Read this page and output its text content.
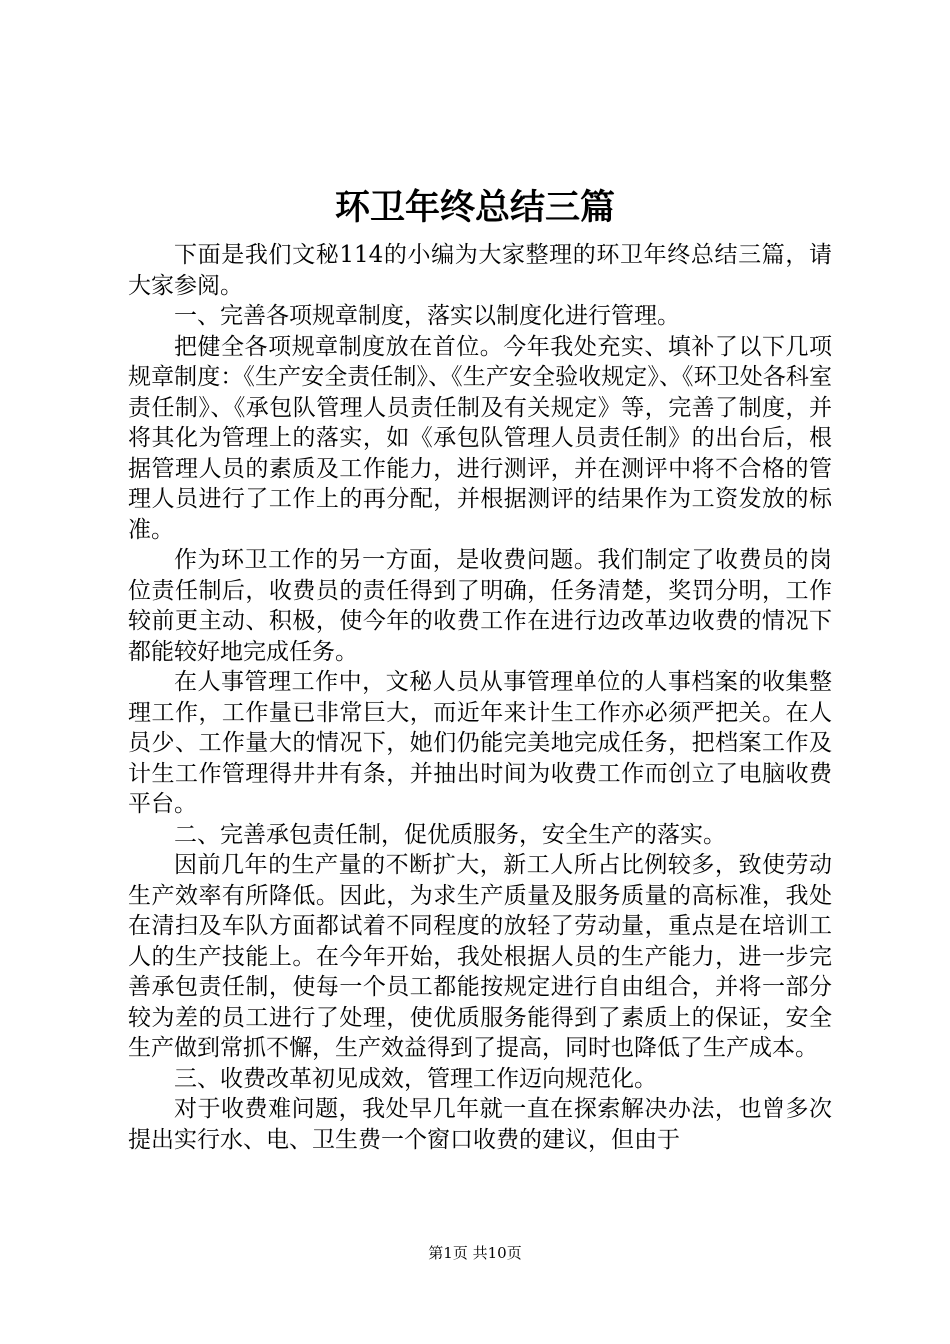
环卫年终总结三篇

下面是我们文秘114的小编为大家整理的环卫年终总结三篇，请大家参阅。

一、完善各项规章制度，落实以制度化进行管理。

把健全各项规章制度放在首位。今年我处充实、填补了以下几项规章制度：《生产安全责任制》、《生产安全验收规定》、《环卫处各科室责任制》、《承包队管理人员责任制及有关规定》等，完善了制度，并将其化为管理上的落实，如《承包队管理人员责任制》的出台后，根据管理人员的素质及工作能力，进行测评，并在测评中将不合格的管理人员进行了工作上的再分配，并根据测评的结果作为工资发放的标准。

作为环卫工作的另一方面，是收费问题。我们制定了收费员的岗位责任制后，收费员的责任得到了明确，任务清楚，奖罚分明，工作较前更主动、积极，使今年的收费工作在进行边改革边收费的情况下都能较好地完成任务。

在人事管理工作中，文秘人员从事管理单位的人事档案的收集整理工作，工作量已非常巨大，而近年来计生工作亦必须严把关。在人员少、工作量大的情况下，她们仍能完美地完成任务，把档案工作及计生工作管理得井井有条，并抽出时间为收费工作而创立了电脑收费平台。

二、完善承包责任制，促优质服务，安全生产的落实。

因前几年的生产量的不断扩大，新工人所占比例较多，致使劳动生产效率有所降低。因此，为求生产质量及服务质量的高标准，我处在清扫及车队方面都试着不同程度的放轻了劳动量，重点是在培训工人的生产技能上。在今年开始，我处根据人员的生产能力，进一步完善承包责任制，使每一个员工都能按规定进行自由组合，并将一部分较为差的员工进行了处理，使优质服务能得到了素质上的保证，安全生产做到常抓不懈，生产效益得到了提高，同时也降低了生产成本。

三、收费改革初见成效，管理工作迈向规范化。

对于收费难问题，我处早几年就一直在探索解决办法，也曾多次提出实行水、电、卫生费一个窗口收费的建议，但由于

第1页 共10页
